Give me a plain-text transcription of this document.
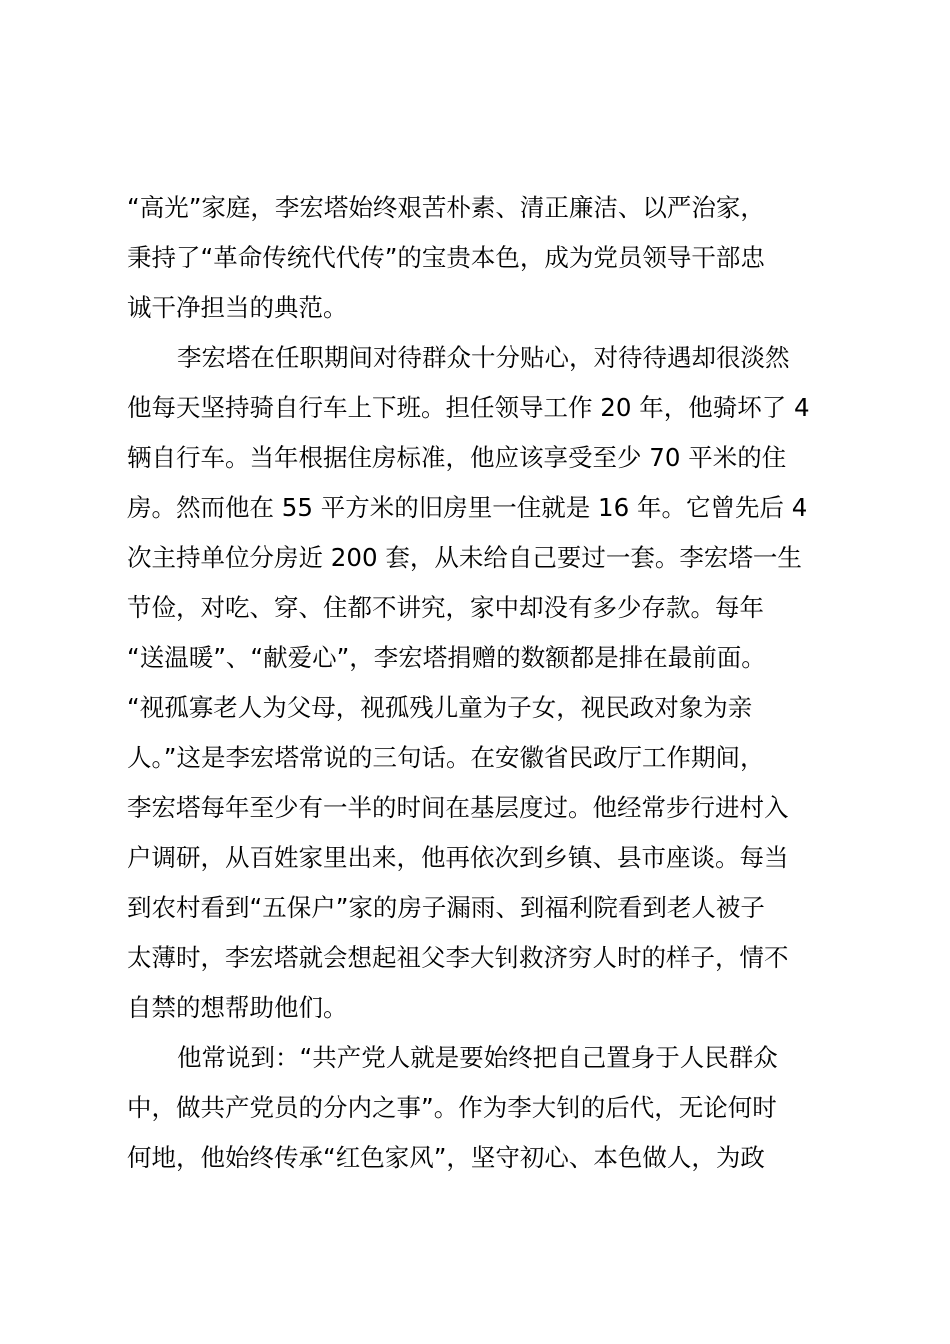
“高光”家庭，李宏塔始终艰苦朴素、清正廉洁、以严治家，
秉持了“革命传统代代传”的宝贵本色，成为党员领导干部忠
诚干净担当的典范。
李宏塔在任职期间对待群众十分贴心，对待待遇却很淡然
他每天坚持骑自行车上下班。担任领导工作 20 年，他骑坏了 4
辆自行车。当年根据住房标准，他应该享受至少 70 平米的住
房。然而他在 55 平方米的旧房里一住就是 16 年。它曾先后 4
次主持单位分房近 200 套，从未给自己要过一套。李宏塔一生
节俭，对吃、穿、住都不讲究，家中却没有多少存款。每年
“送温暖”、“献爱心”，李宏塔捐赠的数额都是排在最前面。
“视孤寡老人为父母，视孤残儿童为子女，视民政对象为亲
人。”这是李宏塔常说的三句话。在安徽省民政厅工作期间，
李宏塔每年至少有一半的时间在基层度过。他经常步行进村入
户调研，从百姓家里出来，他再依次到乡镇、县市座谈。每当
到农村看到“五保户”家的房子漏雨、到福利院看到老人被子
太薄时，李宏塔就会想起祖父李大钊救济穷人时的样子，情不
自禁的想帮助他们。
他常说到：“共产党人就是要始终把自己置身于人民群众
中，做共产党员的分内之事”。作为李大钊的后代，无论何时
何地，他始终传承“红色家风”，坚守初心、本色做人，为政
